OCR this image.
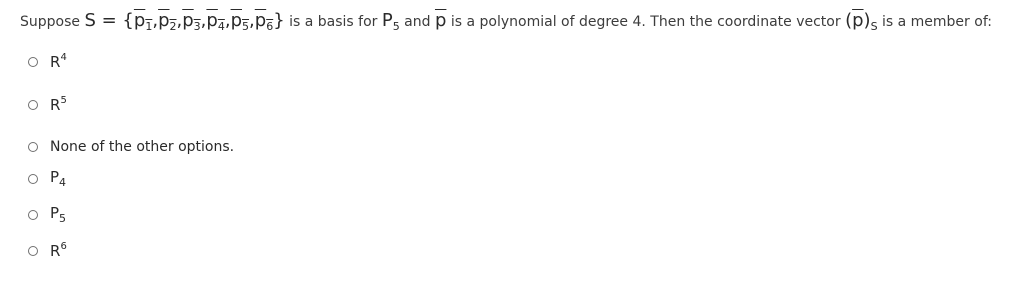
Suppose $S = \{p_1,p_2,p_3,p_4,p_5,p_6\}$ is a basis for $P_5$ and $\overline{p}$ is a polynomial of degree 4. Then the coordinate vector $(\overline{p})_S$ is a member of:
$R^4$
$R^5$
None of the other options.
$P_4$
$P_5$
$R^6$
